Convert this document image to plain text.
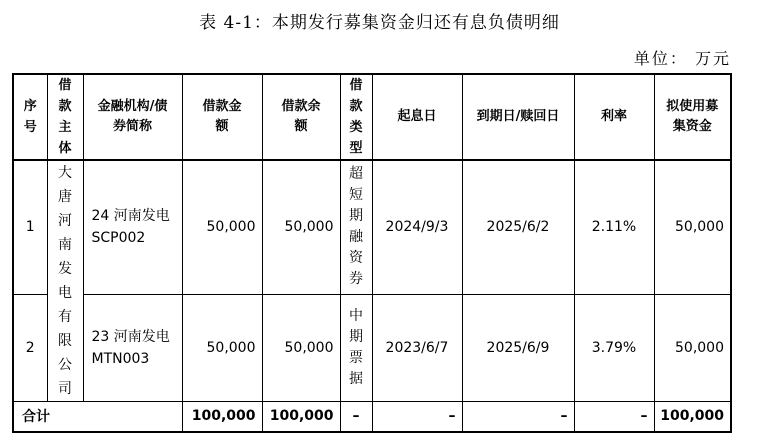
表 4-1：本期发行募集资金归还有息负债明细
单位： 万元
序号	借款主体	金融机构/债券简称	借款金额	借款余额	借款类型	起息日	到期日/赎回日	利率	拟使用募集资金
1	大唐河南发电有限公司	24 河南发电 SCP002	50,000	50,000	超短期融资券	2024/9/3	2025/6/2	2.11%	50,000
2		23 河南发电 MTN003	50,000	50,000	中期票据	2023/6/7	2025/6/9	3.79%	50,000
合计			100,000	100,000	–	–	–	–	100,000
